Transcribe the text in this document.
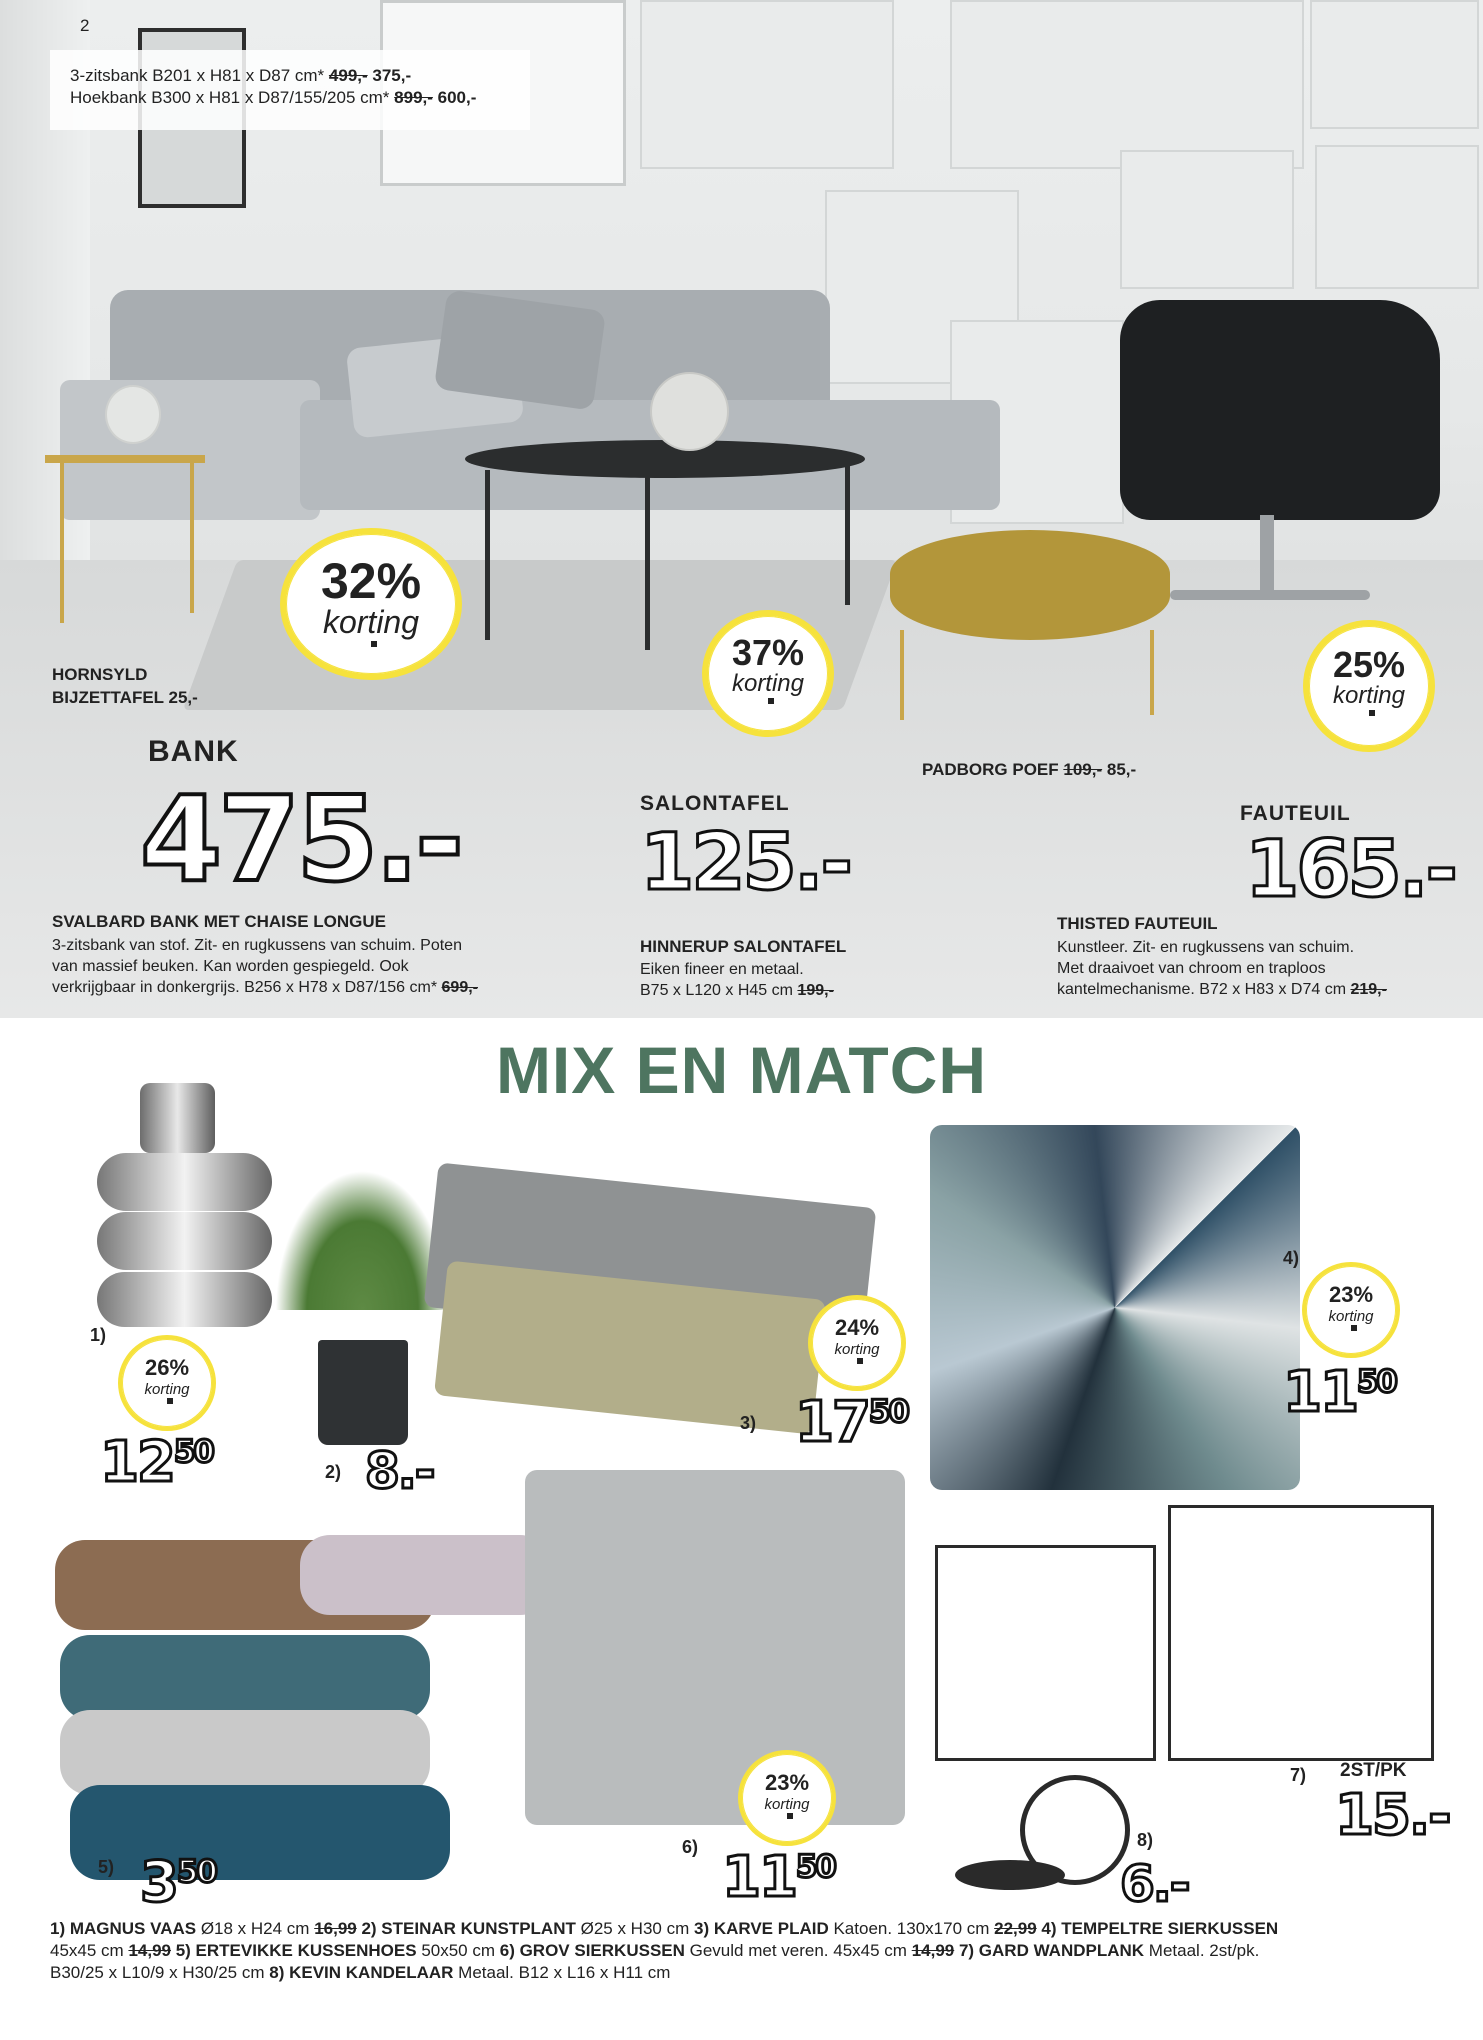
3-zitsbank B201 x H81 x D87 cm* 499,- 375,-
Hoekbank B300 x H81 x D87/155/205 cm* 899,- 600,-
2
HORNSYLD
BIJZETTAFEL 25,-
32%
korting
BANK
475.-
SVALBARD BANK MET CHAISE LONGUE
3-zitsbank van stof. Zit- en rugkussens van schuim. Poten
van massief beuken. Kan worden gespiegeld. Ook
verkrijgbaar in donkergrijs. B256 x H78 x D87/156 cm* 699,-
37%
korting
SALONTAFEL
125.-
HINNERUP SALONTAFEL
Eiken fineer en metaal.
B75 x L120 x H45 cm 199,-
PADBORG POEF 109,- 85,-
25%
korting
FAUTEUIL
165.-
THISTED FAUTEUIL
Kunstleer. Zit- en rugkussens van schuim.
Met draaivoet van chroom en traploos
kantelmechanisme. B72 x H83 x D74 cm 219,-
MIX EN MATCH
1)
26%
korting
$12^{50}$
2) 8.-
3)
24%
korting
$17^{50}$
4)
23%
korting
$11^{50}$
5) $3^{50}$
6)
23%
korting
$11^{50}$
7) 2ST/PK
15.-
8)
6.-
1) MAGNUS VAAS Ø18 x H24 cm 16,99 2) STEINAR KUNSTPLANT Ø25 x H30 cm 3) KARVE PLAID Katoen. 130x170 cm 22,99 4) TEMPELTRE SIERKUSSEN
45x45 cm 14,99 5) ERTEVIKKE KUSSENHOES 50x50 cm 6) GROV SIERKUSSEN Gevuld met veren. 45x45 cm 14,99 7) GARD WANDPLANK Metaal. 2st/pk.
B30/25 x L10/9 x H30/25 cm 8) KEVIN KANDELAAR Metaal. B12 x L16 x H11 cm
